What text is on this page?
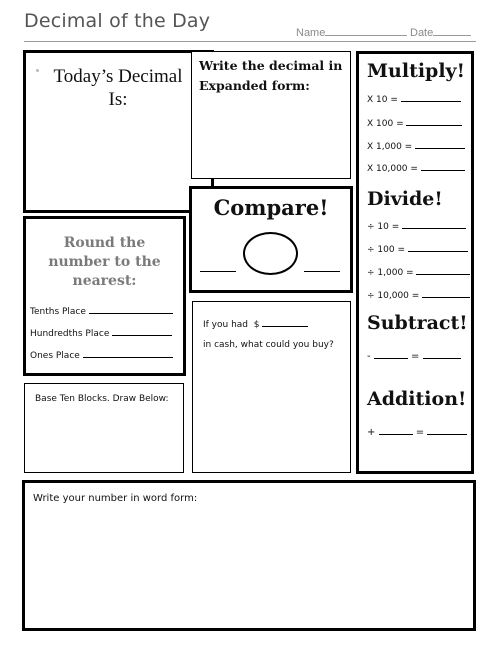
Decimal of the Day
Name	Date
Today’s Decimal Is:
Write the decimal in Expanded form:
Multiply!
X 10 =
X 100 =
X 1,000 =
X 10,000 =
Divide!
÷ 10 =
÷ 100 =
÷ 1,000 =
÷ 10,000 =
Subtract!
-	=
Addition!
+	=
Compare!
Round the number to the nearest:
Tenths Place
Hundredths Place
Ones Place
If you had $
in cash, what could you buy?
Base Ten Blocks. Draw Below:
Write your number in word form:
